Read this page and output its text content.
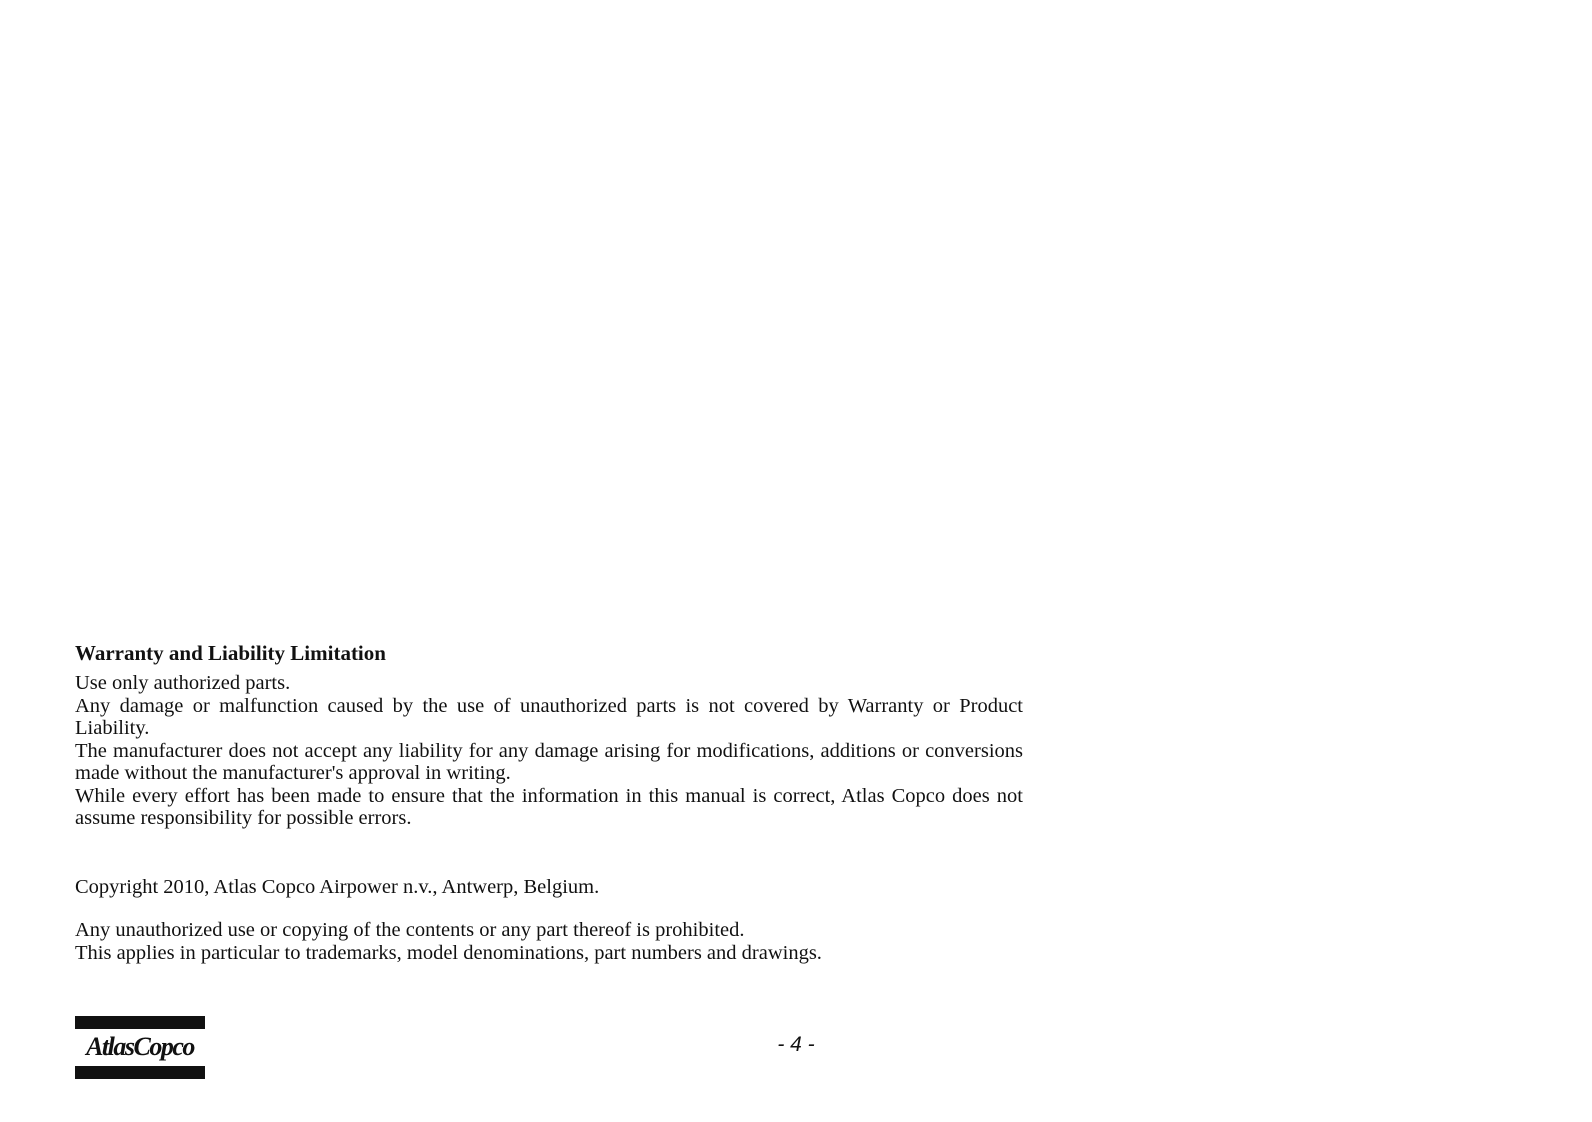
Warranty and Liability Limitation

Use only authorized parts.

Any damage or malfunction caused by the use of unauthorized parts is not covered by Warranty or Product Liability.

The manufacturer does not accept any liability for any damage arising for modifications, additions or conversions made without the manufacturer's approval in writing.

While every effort has been made to ensure that the information in this manual is correct, Atlas Copco does not assume responsibility for possible errors.

Copyright 2010, Atlas Copco Airpower n.v., Antwerp, Belgium.
Any unauthorized use or copying of the contents or any part thereof is prohibited.
This applies in particular to trademarks, model denominations, part numbers and drawings.
AtlasCopco	- 4 -
